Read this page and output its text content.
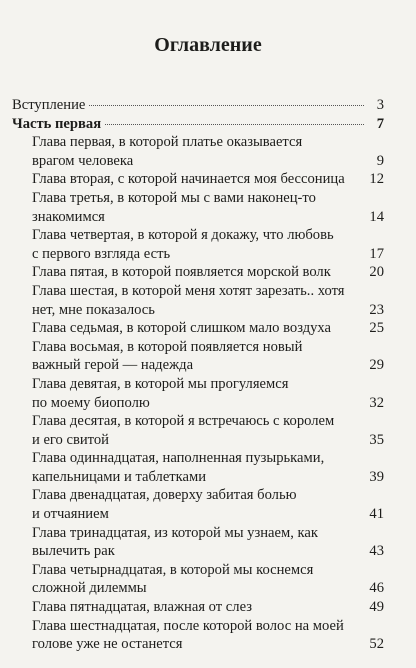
Оглавление
Вступление	3
Часть первая	7
Глава первая, в которой платье оказывается
врагом человека	9
Глава вторая, с которой начинается моя бессоница 12
Глава третья, в которой мы с вами наконец-то
знакомимся	14
Глава четвертая, в которой я докажу, что любовь
с первого взгляда есть	17
Глава пятая, в которой появляется морской волк	20
Глава шестая, в которой меня хотят зарезать.. хотя
нет, мне показалось	23
Глава седьмая, в которой слишком мало воздуха	25
Глава восьмая, в которой появляется новый
важный герой — надежда	29
Глава девятая, в которой мы прогуляемся
по моему биополю	32
Глава десятая, в которой я встречаюсь с королем
и его свитой	35
Глава одиннадцатая, наполненная пузырьками,
капельницами и таблетками	39
Глава двенадцатая, доверху забитая болью
и отчаянием	41
Глава тринадцатая, из которой мы узнаем, как
вылечить рак	43
Глава четырнадцатая, в которой мы коснемся
сложной дилеммы	46
Глава пятнадцатая, влажная от слез	49
Глава шестнадцатая, после которой волос на моей
голове уже не останется	52
